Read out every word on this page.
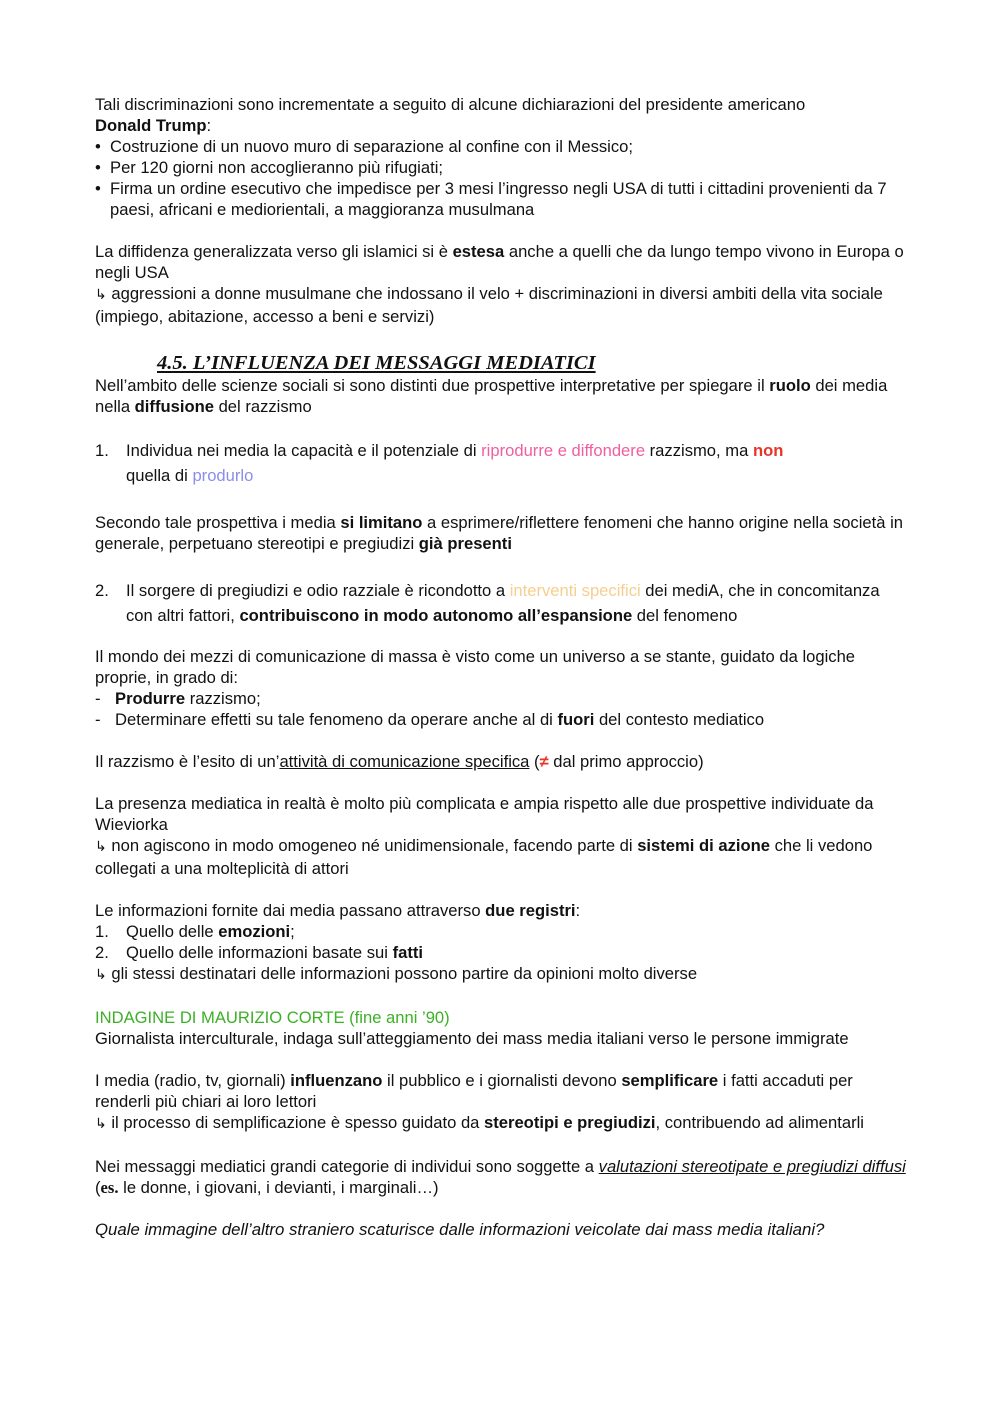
Tali discriminazioni sono incrementate a seguito di alcune dichiarazioni del presidente americano
Donald Trump:

• Costruzione di un nuovo muro di separazione al confine con il Messico;
• Per 120 giorni non accoglieranno più rifugiati;
• Firma un ordine esecutivo che impedisce per 3 mesi l’ingresso negli USA di tutti i cittadini provenienti da 7 paesi, africani e mediorientali, a maggioranza musulmana

La diffidenza generalizzata verso gli islamici si è estesa anche a quelli che da lungo tempo vivono in Europa o negli USA
↳ aggressioni a donne musulmane che indossano il velo + discriminazioni in diversi ambiti della vita sociale (impiego, abitazione, accesso a beni e servizi)

4.5. L’INFLUENZA DEI MESSAGGI MEDIATICI

Nell’ambito delle scienze sociali si sono distinti due prospettive interpretative per spiegare il ruolo dei media nella diffusione del razzismo

1.	Individua nei media la capacità e il potenziale di riprodurre e diffondere razzismo, ma non
quella di produrlo

Secondo tale prospettiva i media si limitano a esprimere/riflettere fenomeni che hanno origine nella società in generale, perpetuano stereotipi e pregiudizi già presenti

2.	Il sorgere di pregiudizi e odio razziale è ricondotto a interventi specifici dei mediA, che in concomitanza con altri fattori, contribuiscono in modo autonomo all’espansione del fenomeno

Il mondo dei mezzi di comunicazione di massa è visto come un universo a se stante, guidato da logiche proprie, in grado di:

- Produrre razzismo;
- Determinare effetti su tale fenomeno da operare anche al di fuori del contesto mediatico

Il razzismo è l’esito di un’attività di comunicazione specifica (≠ dal primo approccio)

La presenza mediatica in realtà è molto più complicata e ampia rispetto alle due prospettive individuate da Wieviorka
↳ non agiscono in modo omogeneo né unidimensionale, facendo parte di sistemi di azione che li vedono collegati a una molteplicità di attori

Le informazioni fornite dai media passano attraverso due registri:

1.	Quello delle emozioni;
2.	Quello delle informazioni basate sui fatti

↳ gli stessi destinatari delle informazioni possono partire da opinioni molto diverse

INDAGINE DI MAURIZIO CORTE (fine anni ’90)

Giornalista interculturale, indaga sull’atteggiamento dei mass media italiani verso le persone immigrate

I media (radio, tv, giornali) influenzano il pubblico e i giornalisti devono semplificare i fatti accaduti per renderli più chiari ai loro lettori
↳ il processo di semplificazione è spesso guidato da stereotipi e pregiudizi, contribuendo ad alimentarli

Nei messaggi mediatici grandi categorie di individui sono soggette a valutazioni stereotipate e pregiudizi diffusi (es. le donne, i giovani, i devianti, i marginali…)

Quale immagine dell’altro straniero scaturisce dalle informazioni veicolate dai mass media italiani?
